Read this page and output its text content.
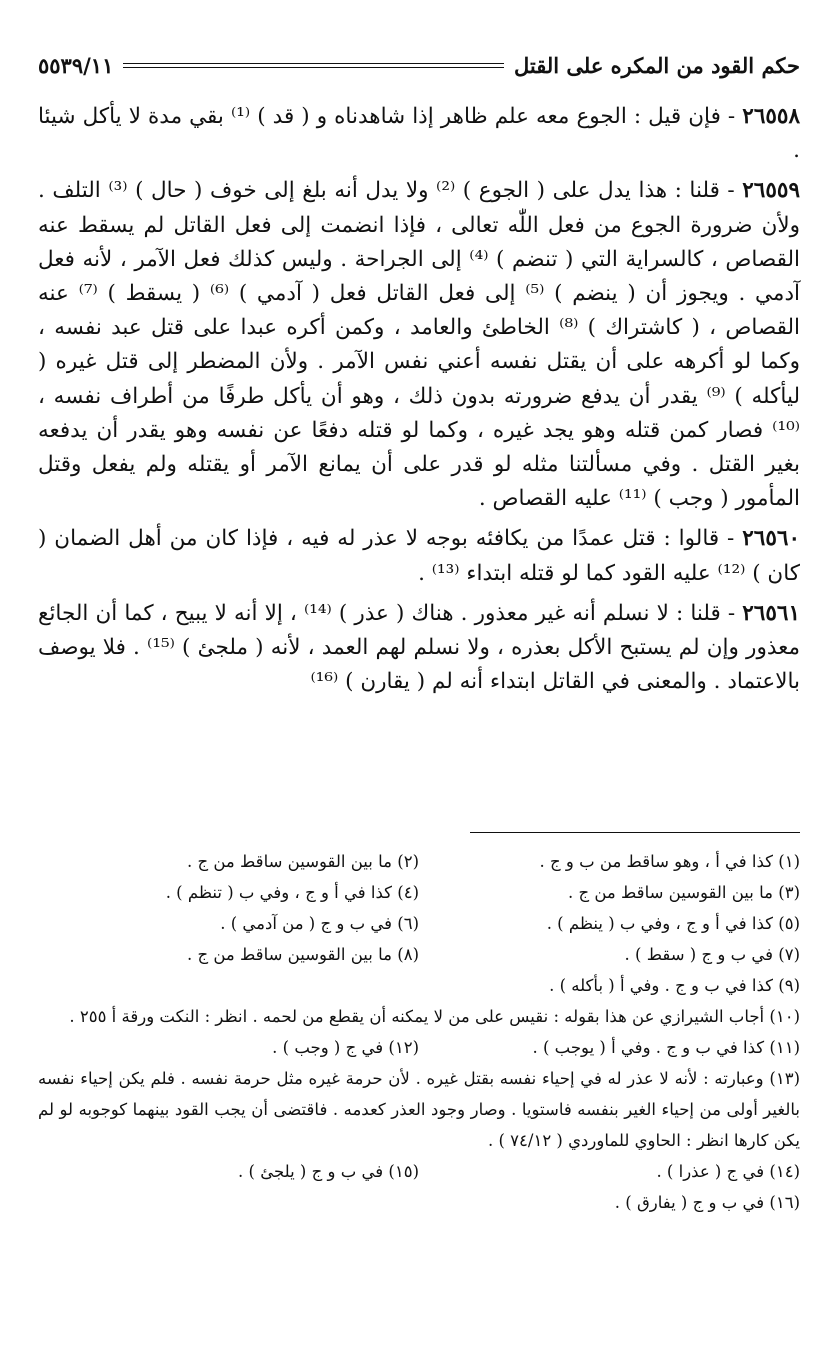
حكم القود من المكره على القتل
٥٥٣٩/١١

٢٦٥٥٨ - فإن قيل : الجوع معه علم ظاهر إذا شاهدناه و ( قد ) ⁽¹⁾ بقي مدة لا يأكل شيئا .

٢٦٥٥٩ - قلنا : هذا يدل على ( الجوع ) ⁽²⁾ ولا يدل أنه بلغ إلى خوف ( حال ) ⁽³⁾ التلف . ولأن ضرورة الجوع من فعل اللّٰه تعالى ، فإذا انضمت إلى فعل القاتل لم يسقط عنه القصاص ، كالسراية التي ( تنضم ) ⁽⁴⁾ إلى الجراحة . وليس كذلك فعل الآمر ، لأنه فعل آدمي . ويجوز أن ( ينضم ) ⁽⁵⁾ إلى فعل القاتل فعل ( آدمي ) ⁽⁶⁾ ( يسقط ) ⁽⁷⁾ عنه القصاص ، ( كاشتراك ) ⁽⁸⁾ الخاطئ والعامد ، وكمن أكره عبدا على قتل عبد نفسه ، وكما لو أكرهه على أن يقتل نفسه أعني نفس الآمر . ولأن المضطر إلى قتل غيره ( ليأكله ) ⁽⁹⁾ يقدر أن يدفع ضرورته بدون ذلك ، وهو أن يأكل طرفًا من أطراف نفسه ، ⁽¹⁰⁾ فصار كمن قتله وهو يجد غيره ، وكما لو قتله دفعًا عن نفسه وهو يقدر أن يدفعه بغير القتل . وفي مسألتنا مثله لو قدر على أن يمانع الآمر أو يقتله ولم يفعل وقتل المأمور ( وجب ) ⁽¹¹⁾ عليه القصاص .

٢٦٥٦٠ - قالوا : قتل عمدًا من يكافئه بوجه لا عذر له فيه ، فإذا كان من أهل الضمان ( كان ) ⁽¹²⁾ عليه القود كما لو قتله ابتداء ⁽¹³⁾ .

٢٦٥٦١ - قلنا : لا نسلم أنه غير معذور . هناك ( عذر ) ⁽¹⁴⁾ ، إلا أنه لا يبيح ، كما أن الجائع معذور وإن لم يستبح الأكل بعذره ، ولا نسلم لهم العمد ، لأنه ( ملجئ ) ⁽¹⁵⁾ . فلا يوصف بالاعتماد . والمعنى في القاتل ابتداء أنه لم ( يقارن ) ⁽¹⁶⁾

(١) كذا في أ ، وهو ساقط من ب و ج .
(٢) ما بين القوسين ساقط من ج .
(٣) ما بين القوسين ساقط من ج .
(٤) كذا في أ و ج ، وفي ب ( تنظم ) .
(٥) كذا في أ و ج ، وفي ب ( ينظم ) .
(٦) في ب و ج ( من آدمي ) .
(٧) في ب و ج ( سقط ) .
(٨) ما بين القوسين ساقط من ج .
(٩) كذا في ب و ج . وفي أ ( بأكله ) .
(١٠) أجاب الشيرازي عن هذا بقوله : نقيس على من لا يمكنه أن يقطع من لحمه . انظر : النكت ورقة أ ٢٥٥ .
(١١) كذا في ب و ج . وفي أ ( يوجب ) .
(١٢) في ج ( وجب ) .
(١٣) وعبارته : لأنه لا عذر له في إحياء نفسه بقتل غيره . لأن حرمة غيره مثل حرمة نفسه . فلم يكن إحياء نفسه بالغير أولى من إحياء الغير بنفسه فاستويا . وصار وجود العذر كعدمه . فاقتضى أن يجب القود بينهما كوجوبه لو لم يكن كارها انظر : الحاوي للماوردي ( ٧٤/١٢ ) .
(١٤) في ج ( عذرا ) .
(١٥) في ب و ج ( يلجئ ) .
(١٦) في ب و ج ( يفارق ) .
